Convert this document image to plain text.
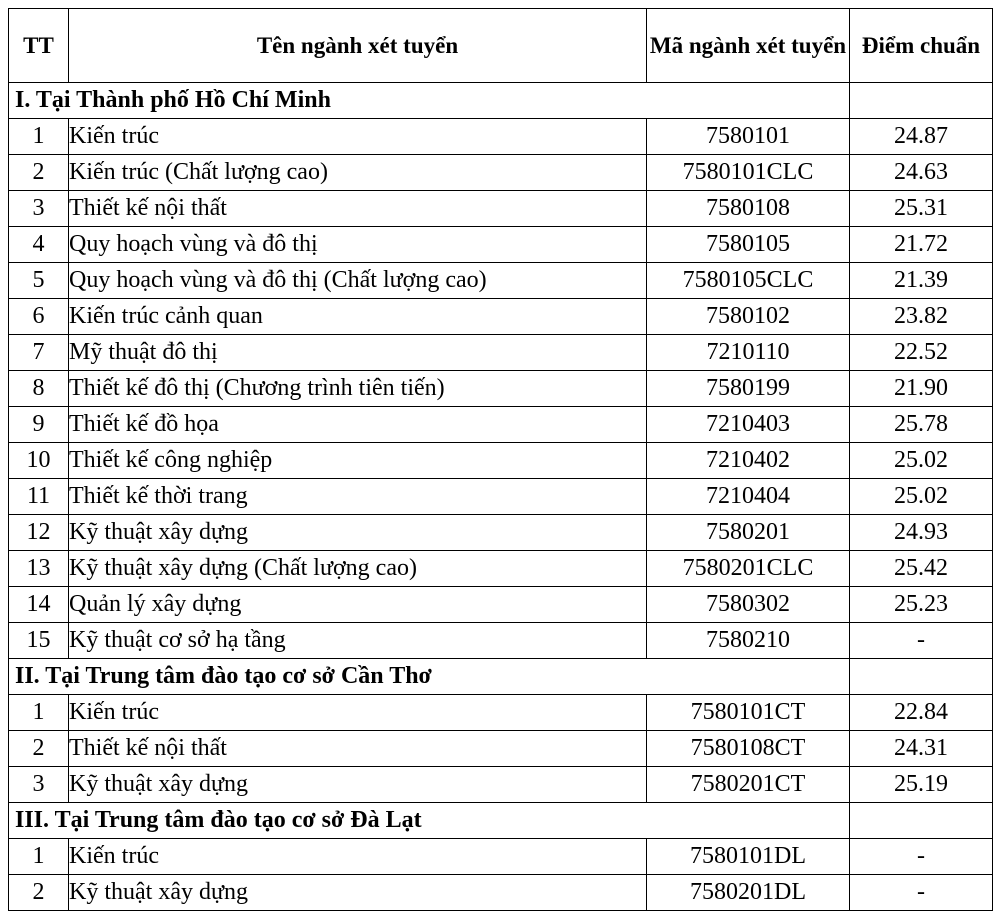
TT	Tên ngành xét tuyển	Mã ngành xét tuyển	Điểm chuẩn
I. Tại Thành phố Hồ Chí Minh			
1	Kiến trúc	7580101	24.87
2	Kiến trúc (Chất lượng cao)	7580101CLC	24.63
3	Thiết kế nội thất	7580108	25.31
4	Quy hoạch vùng và đô thị	7580105	21.72
5	Quy hoạch vùng và đô thị (Chất lượng cao)	7580105CLC	21.39
6	Kiến trúc cảnh quan	7580102	23.82
7	Mỹ thuật đô thị	7210110	22.52
8	Thiết kế đô thị (Chương trình tiên tiến)	7580199	21.90
9	Thiết kế đồ họa	7210403	25.78
10	Thiết kế công nghiệp	7210402	25.02
11	Thiết kế thời trang	7210404	25.02
12	Kỹ thuật xây dựng	7580201	24.93
13	Kỹ thuật xây dựng (Chất lượng cao)	7580201CLC	25.42
14	Quản lý xây dựng	7580302	25.23
15	Kỹ thuật cơ sở hạ tầng	7580210	-
II. Tại Trung tâm đào tạo cơ sở Cần Thơ			
1	Kiến trúc	7580101CT	22.84
2	Thiết kế nội thất	7580108CT	24.31
3	Kỹ thuật xây dựng	7580201CT	25.19
III. Tại Trung tâm đào tạo cơ sở Đà Lạt			
1	Kiến trúc	7580101DL	-
2	Kỹ thuật xây dựng	7580201DL	-
